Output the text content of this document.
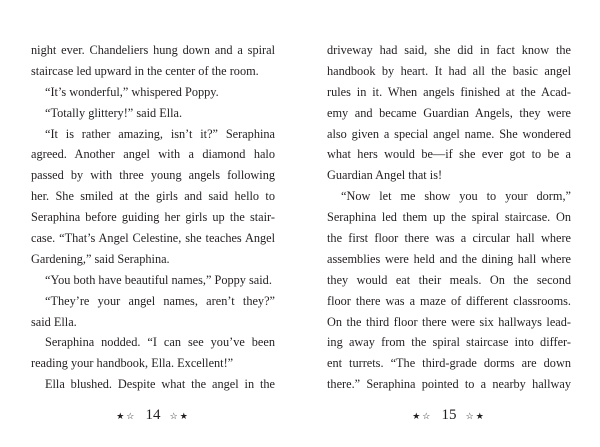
night ever. Chandeliers hung down and a spiral
staircase led upward in the center of the room.
“It’s wonderful,” whispered Poppy.
“Totally glittery!” said Ella.
“It is rather amazing, isn’t it?” Seraphina
agreed. Another angel with a diamond halo
passed by with three young angels following
her. She smiled at the girls and said hello to
Seraphina before guiding her girls up the stair-
case. “That’s Angel Celestine, she teaches Angel
Gardening,” said Seraphina.
“You both have beautiful names,” Poppy said.
“They’re your angel names, aren’t they?”
said Ella.
Seraphina nodded. “I can see you’ve been
reading your handbook, Ella. Excellent!”
Ella blushed. Despite what the angel in the
driveway had said, she did in fact know the
handbook by heart. It had all the basic angel
rules in it. When angels finished at the Acad-
emy and became Guardian Angels, they were
also given a special angel name. She wondered
what hers would be—if she ever got to be a
Guardian Angel that is!
“Now let me show you to your dorm,”
Seraphina led them up the spiral staircase. On
the first floor there was a circular hall where
assemblies were held and the dining hall where
they would eat their meals. On the second
floor there was a maze of different classrooms.
On the third floor there were six hallways lead-
ing away from the spiral staircase into differ-
ent turrets. “The third-grade dorms are down
there.” Seraphina pointed to a nearby hallway
★☆ 14 ☆★	★☆ 15 ☆★
